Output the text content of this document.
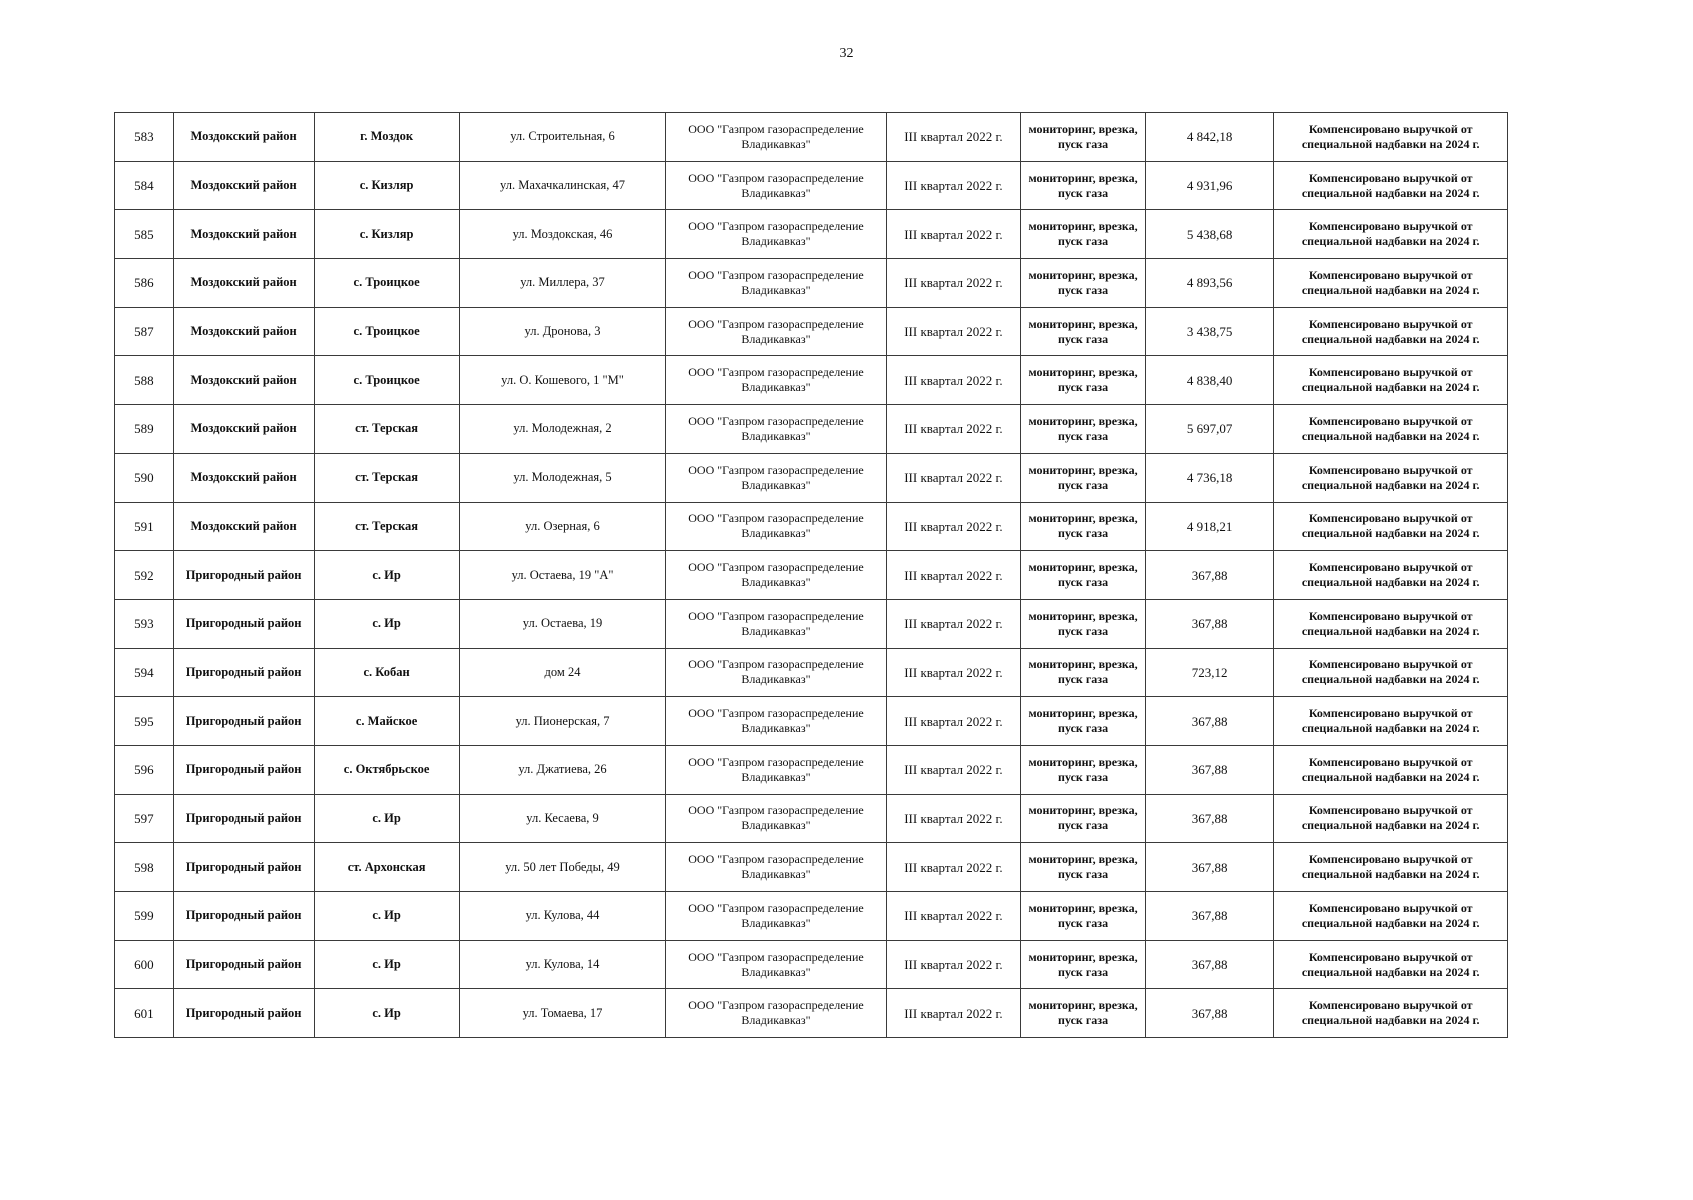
32
583	Моздокский район	г. Моздок	ул. Строительная, 6	ООО "Газпром газораспределение Владикавказ"	III квартал 2022 г.	мониторинг, врезка, пуск газа	4 842,18	Компенсировано выручкой от специальной надбавки на 2024 г.
584	Моздокский район	с. Кизляр	ул. Махачкалинская, 47	ООО "Газпром газораспределение Владикавказ"	III квартал 2022 г.	мониторинг, врезка, пуск газа	4 931,96	Компенсировано выручкой от специальной надбавки на 2024 г.
585	Моздокский район	с. Кизляр	ул. Моздокская, 46	ООО "Газпром газораспределение Владикавказ"	III квартал 2022 г.	мониторинг, врезка, пуск газа	5 438,68	Компенсировано выручкой от специальной надбавки на 2024 г.
586	Моздокский район	с. Троицкое	ул. Миллера, 37	ООО "Газпром газораспределение Владикавказ"	III квартал 2022 г.	мониторинг, врезка, пуск газа	4 893,56	Компенсировано выручкой от специальной надбавки на 2024 г.
587	Моздокский район	с. Троицкое	ул. Дронова, 3	ООО "Газпром газораспределение Владикавказ"	III квартал 2022 г.	мониторинг, врезка, пуск газа	3 438,75	Компенсировано выручкой от специальной надбавки на 2024 г.
588	Моздокский район	с. Троицкое	ул. О. Кошевого, 1 "М"	ООО "Газпром газораспределение Владикавказ"	III квартал 2022 г.	мониторинг, врезка, пуск газа	4 838,40	Компенсировано выручкой от специальной надбавки на 2024 г.
589	Моздокский район	ст. Терская	ул. Молодежная, 2	ООО "Газпром газораспределение Владикавказ"	III квартал 2022 г.	мониторинг, врезка, пуск газа	5 697,07	Компенсировано выручкой от специальной надбавки на 2024 г.
590	Моздокский район	ст. Терская	ул. Молодежная, 5	ООО "Газпром газораспределение Владикавказ"	III квартал 2022 г.	мониторинг, врезка, пуск газа	4 736,18	Компенсировано выручкой от специальной надбавки на 2024 г.
591	Моздокский район	ст. Терская	ул. Озерная, 6	ООО "Газпром газораспределение Владикавказ"	III квартал 2022 г.	мониторинг, врезка, пуск газа	4 918,21	Компенсировано выручкой от специальной надбавки на 2024 г.
592	Пригородный район	с. Ир	ул. Остаева, 19 "А"	ООО "Газпром газораспределение Владикавказ"	III квартал 2022 г.	мониторинг, врезка, пуск газа	367,88	Компенсировано выручкой от специальной надбавки на 2024 г.
593	Пригородный район	с. Ир	ул. Остаева, 19	ООО "Газпром газораспределение Владикавказ"	III квартал 2022 г.	мониторинг, врезка, пуск газа	367,88	Компенсировано выручкой от специальной надбавки на 2024 г.
594	Пригородный район	с. Кобан	дом 24	ООО "Газпром газораспределение Владикавказ"	III квартал 2022 г.	мониторинг, врезка, пуск газа	723,12	Компенсировано выручкой от специальной надбавки на 2024 г.
595	Пригородный район	с. Майское	ул. Пионерская, 7	ООО "Газпром газораспределение Владикавказ"	III квартал 2022 г.	мониторинг, врезка, пуск газа	367,88	Компенсировано выручкой от специальной надбавки на 2024 г.
596	Пригородный район	с. Октябрьское	ул. Джатиева, 26	ООО "Газпром газораспределение Владикавказ"	III квартал 2022 г.	мониторинг, врезка, пуск газа	367,88	Компенсировано выручкой от специальной надбавки на 2024 г.
597	Пригородный район	с. Ир	ул. Кесаева, 9	ООО "Газпром газораспределение Владикавказ"	III квартал 2022 г.	мониторинг, врезка, пуск газа	367,88	Компенсировано выручкой от специальной надбавки на 2024 г.
598	Пригородный район	ст. Архонская	ул. 50 лет Победы, 49	ООО "Газпром газораспределение Владикавказ"	III квартал 2022 г.	мониторинг, врезка, пуск газа	367,88	Компенсировано выручкой от специальной надбавки на 2024 г.
599	Пригородный район	с. Ир	ул. Кулова, 44	ООО "Газпром газораспределение Владикавказ"	III квартал 2022 г.	мониторинг, врезка, пуск газа	367,88	Компенсировано выручкой от специальной надбавки на 2024 г.
600	Пригородный район	с. Ир	ул. Кулова, 14	ООО "Газпром газораспределение Владикавказ"	III квартал 2022 г.	мониторинг, врезка, пуск газа	367,88	Компенсировано выручкой от специальной надбавки на 2024 г.
601	Пригородный район	с. Ир	ул. Томаева, 17	ООО "Газпром газораспределение Владикавказ"	III квартал 2022 г.	мониторинг, врезка, пуск газа	367,88	Компенсировано выручкой от специальной надбавки на 2024 г.
